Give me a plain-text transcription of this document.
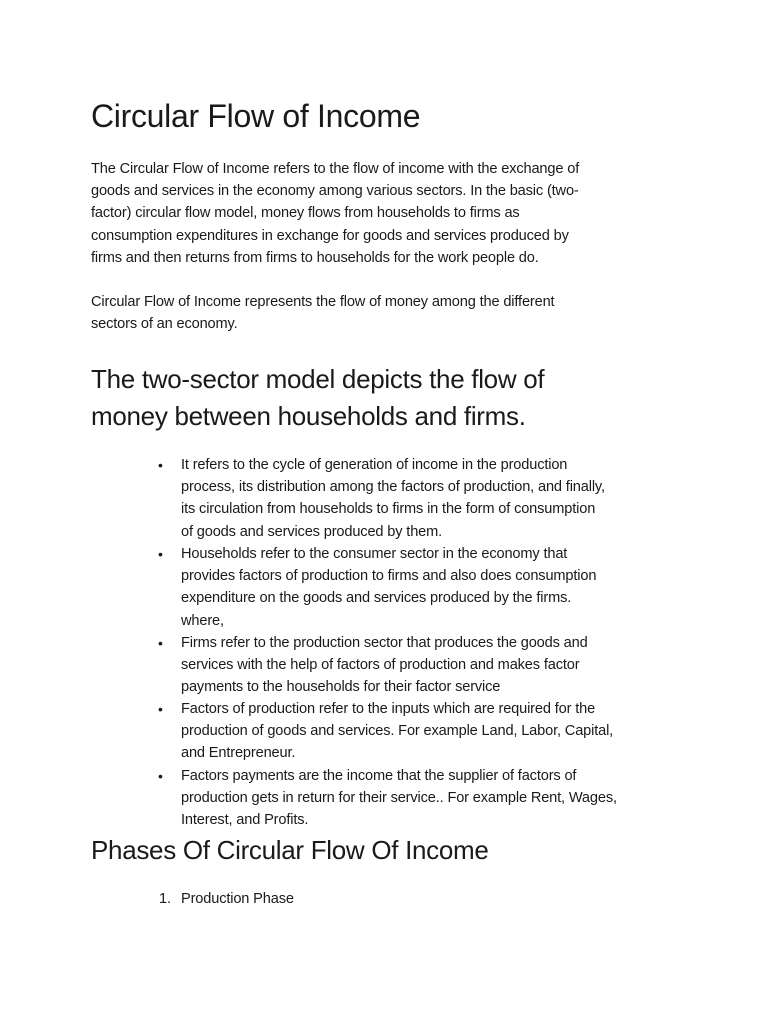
Circular Flow of Income
The Circular Flow of Income refers to the flow of income with the exchange of
goods and services in the economy among various sectors. In the basic (two-
factor) circular flow model, money flows from households to firms as
consumption expenditures in exchange for goods and services produced by
firms and then returns from firms to households for the work people do.
Circular Flow of Income represents the flow of money among the different
sectors of an economy.
The two-sector model depicts the flow of
money between households and firms.
• It refers to the cycle of generation of income in the production
process, its distribution among the factors of production, and finally,
its circulation from households to firms in the form of consumption
of goods and services produced by them.
• Households refer to the consumer sector in the economy that
provides factors of production to firms and also does consumption
expenditure on the goods and services produced by the firms.
where,
• Firms refer to the production sector that produces the goods and
services with the help of factors of production and makes factor
payments to the households for their factor service
• Factors of production refer to the inputs which are required for the
production of goods and services. For example Land, Labor, Capital,
and Entrepreneur.
• Factors payments are the income that the supplier of factors of
production gets in return for their service.. For example Rent, Wages,
Interest, and Profits.
Phases Of Circular Flow Of Income
1. Production Phase
